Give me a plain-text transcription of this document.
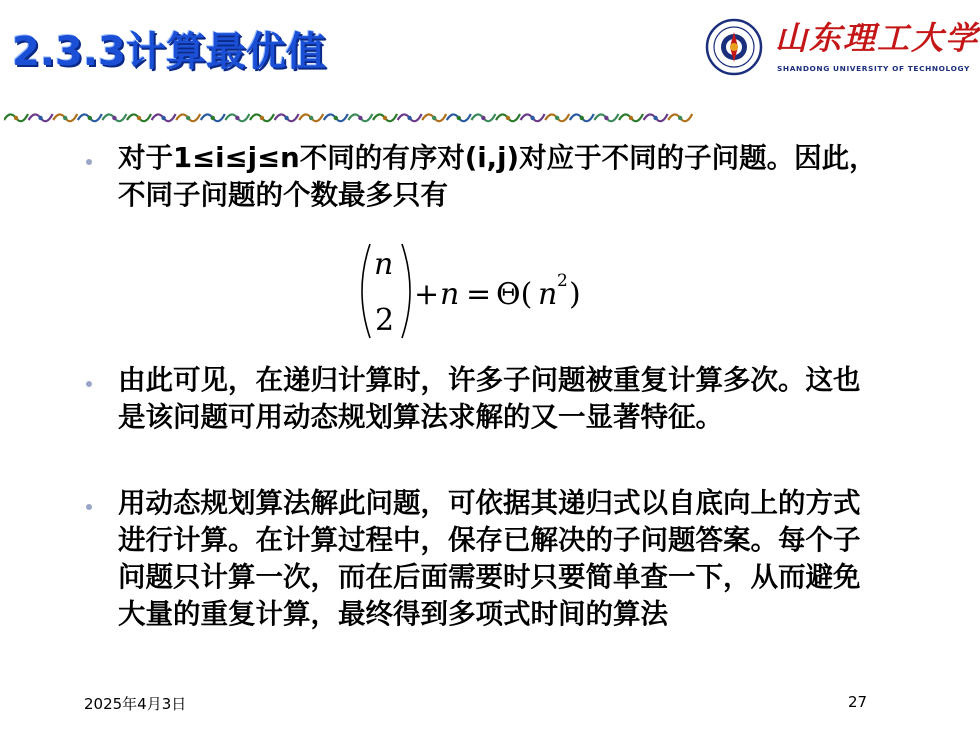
2.3.3计算最优值	山东理工大学
SHANDONG UNIVERSITY OF TECHNOLOGY
对于1≤i≤j≤n不同的有序对(i,j)对应于不同的子问题。因此，不同子问题的个数最多只有
n
2
+ n = Θ( n 2 )
由此可见，在递归计算时，许多子问题被重复计算多次。这也是该问题可用动态规划算法求解的又一显著特征。
用动态规划算法解此问题，可依据其递归式以自底向上的方式进行计算。在计算过程中，保存已解决的子问题答案。每个子问题只计算一次，而在后面需要时只要简单查一下，从而避免大量的重复计算，最终得到多项式时间的算法
2025年4月3日	27
